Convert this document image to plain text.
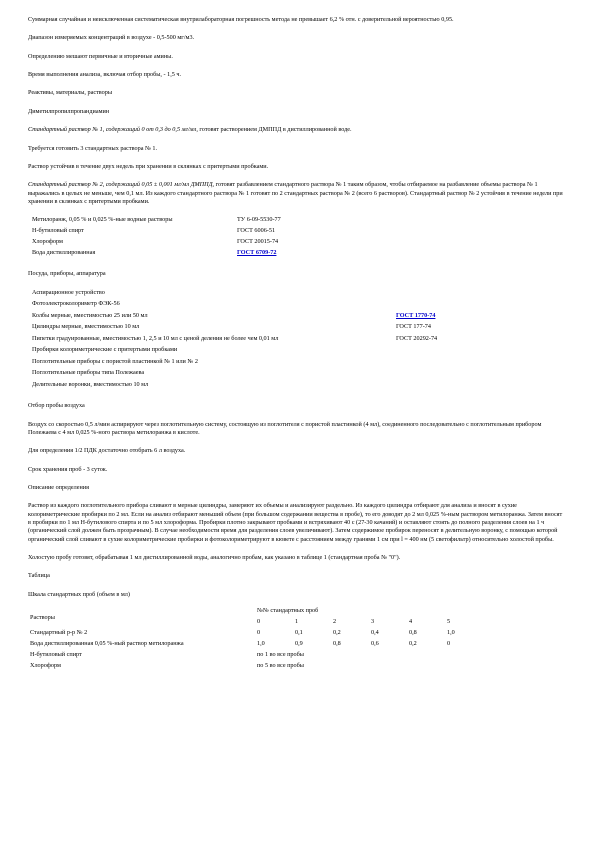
Суммарная случайная и неисключенная систематическая внутрилабораторная погрешность метода не превышает 6,2 % отн. с доверительной вероятностью 0,95.

Диапазон измеряемых концентраций в воздухе - 0,5-500 мг/м3.

Определению мешают первичные и вторичные амины.

Время выполнения анализа, включая отбор пробы, - 1,5 ч.

Реактивы, материалы, растворы

Диметилпропилпропандиамин

Стандартный раствор № 1, содержащий 0 от 0,3 до 0,5 мг/мл, готовят растворением ДМППД в дистиллированной воде.

Требуется готовить 3 стандартных раствора № 1.

Раствор устойчив в течение двух недель при хранении в склянках с притертыми пробками.

Стандартный раствор № 2, содержащий 0,05 ± 0,001 мг/мл ДМППД, готовят разбавлением стандартного раствора № 1 таким образом, чтобы отбираемое на разбавление объемы раствора № 1 выражались в целых не меньше, чем 0,1 мл. Из каждого стандартного раствора № 1 готовят по 2 стандартных раствора № 2 (всего 6 растворов). Стандартный раствор № 2 устойчив в течение недели при хранении в склянках с притертыми пробками.

Метилоранж, 0,05 % и 0,025 %-ные водные растворы	ТУ 6-09-5530-77
Н-бутиловый спирт	ГОСТ 6006-51
Хлороформ	ГОСТ 20015-74
Вода дистиллированная	ГОСТ 6709-72

Посуда, приборы, аппаратура

Аспирационное устройство	
Фотоэлектроколориметр ФЭК-56	
Колбы мерные, вместимостью 25 или 50 мл	ГОСТ 1770-74
Цилиндры мерные, вместимостью 10 мл	ГОСТ 177-74
Пипетки градуированные, вместимостью 1, 2,5 и 10 мл с ценой деления не более чем 0,01 мл	ГОСТ 20292-74
Пробирки колориметрические с притертыми пробками	
Поглотительные приборы с пористой пластинкой № 1 или № 2	
Поглотительные приборы типа Полежаева	
Делительные воронки, вместимостью 10 мл	

Отбор пробы воздуха

Воздух со скоростью 0,5 л/мин аспирируют через поглотительную систему, состоящую из поглотителя с пористой пластинкой (4 мл), соединенного последовательно с поглотительным прибором Полежаева с 4 мл 0,025 %-ного раствора метилоранжа в кислоте.

Для определения 1/2 ПДК достаточно отобрать 6 л воздуха.

Срок хранения проб - 3 суток.

Описание определения

Раствор из каждого поглотительного прибора сливают в мерные цилиндры, замеряют их объемы и анализируют раздельно. Из каждого цилиндра отбирают для анализа и вносят в сухие колориметрические пробирки по 2 мл. Если на анализ отбирают меньший объем (при большом содержании вещества в пробе), то его доводят до 2 мл 0,025 %-ным раствором метилоранжа. Затем вносят в пробирки по 1 мл Н-бутилового спирта и по 5 мл хлороформа. Пробирки плотно закрывают пробками и встряхивают 40 с (27-30 качаний) и оставляют стоять до полного разделения слоев на 1 ч (органический слой должен быть прозрачным). В случае необходимости время для разделения слоев увеличивают). Затем содержимое пробирок переносят в делительную воронку, с помощью которой органический слой сливают в сухие колориметрические пробирки и фотоколориметрируют в кювете с расстоянием между гранями 1 см при l = 400 нм (5 светофильтр) относительно холостой пробы.

Холостую пробу готовят, обрабатывая 1 мл дистиллированной воды, аналогично пробам, как указано в таблице 1 (стандартная проба № "0").

Таблица

Шкала стандартных проб (объем в мл)

Растворы	№№ стандартных проб					
	0	1	2	3	4	5
Стандартный р-р № 2	0	0,1	0,2	0,4	0,8	1,0
Вода дистиллированная 0,05 %-ный раствор метилоранжа	1,0	0,9	0,8	0,6	0,2	0
Н-бутиловый спирт	по 1 во все пробы					
Хлороформ	по 5 во все пробы					
